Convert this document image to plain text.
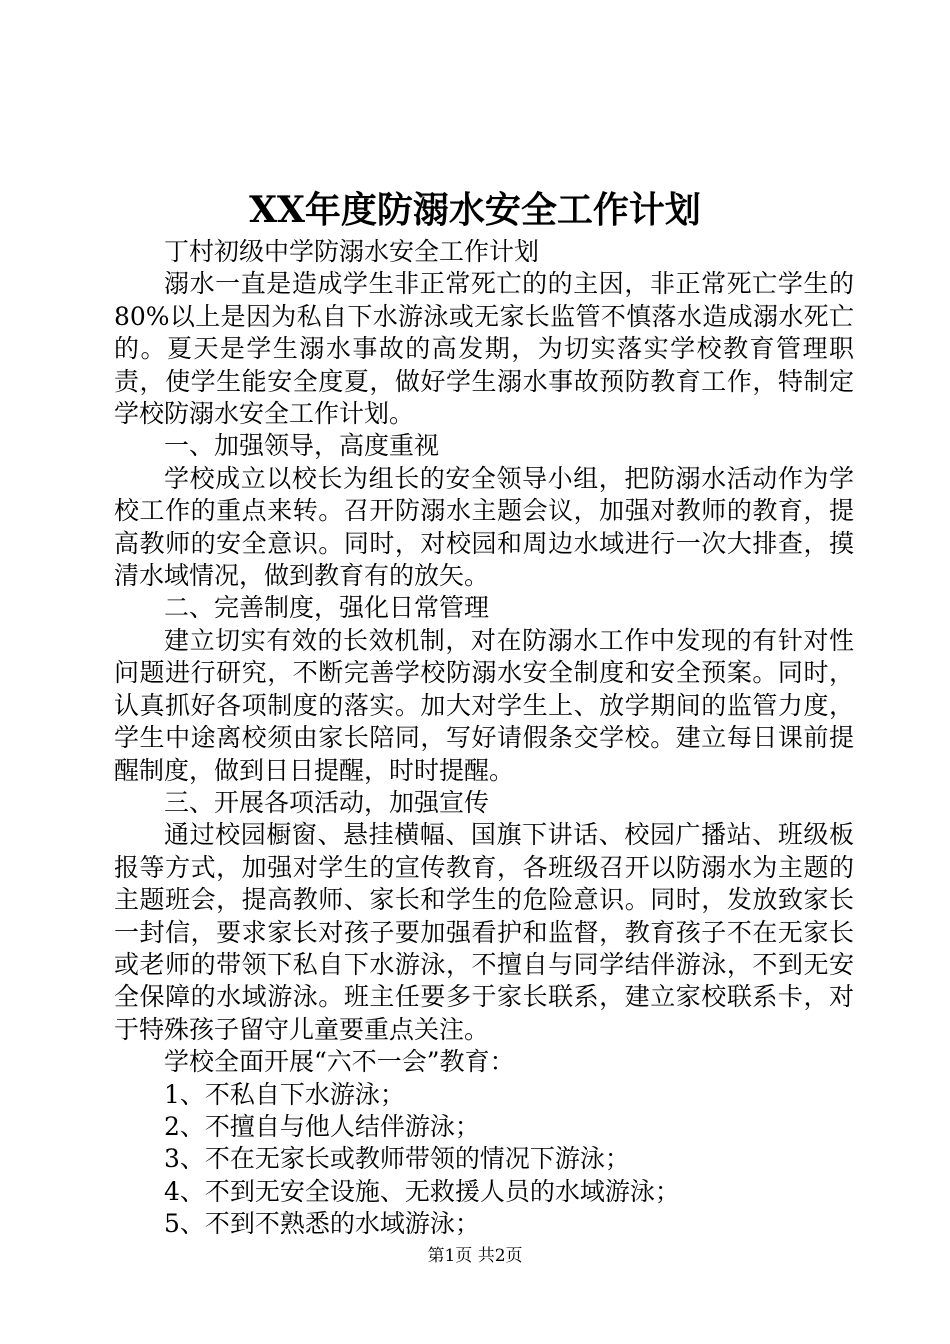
XX年度防溺水安全工作计划

丁村初级中学防溺水安全工作计划

溺水一直是造成学生非正常死亡的的主因，非正常死亡学生的80%以上是因为私自下水游泳或无家长监管不慎落水造成溺水死亡的。夏天是学生溺水事故的高发期，为切实落实学校教育管理职责，使学生能安全度夏，做好学生溺水事故预防教育工作，特制定学校防溺水安全工作计划。

一、加强领导，高度重视

学校成立以校长为组长的安全领导小组，把防溺水活动作为学校工作的重点来转。召开防溺水主题会议，加强对教师的教育，提高教师的安全意识。同时，对校园和周边水域进行一次大排查，摸清水域情况，做到教育有的放矢。

二、完善制度，强化日常管理

建立切实有效的长效机制，对在防溺水工作中发现的有针对性问题进行研究，不断完善学校防溺水安全制度和安全预案。同时，认真抓好各项制度的落实。加大对学生上、放学期间的监管力度，学生中途离校须由家长陪同，写好请假条交学校。建立每日课前提醒制度，做到日日提醒，时时提醒。

三、开展各项活动，加强宣传

通过校园橱窗、悬挂横幅、国旗下讲话、校园广播站、班级板报等方式，加强对学生的宣传教育，各班级召开以防溺水为主题的主题班会，提高教师、家长和学生的危险意识。同时，发放致家长一封信，要求家长对孩子要加强看护和监督，教育孩子不在无家长或老师的带领下私自下水游泳，不擅自与同学结伴游泳，不到无安全保障的水域游泳。班主任要多于家长联系，建立家校联系卡，对于特殊孩子留守儿童要重点关注。

学校全面开展“六不一会”教育：

1、不私自下水游泳；

2、不擅自与他人结伴游泳；

3、不在无家长或教师带领的情况下游泳；

4、不到无安全设施、无救援人员的水域游泳；

5、不到不熟悉的水域游泳；

第1页 共2页
